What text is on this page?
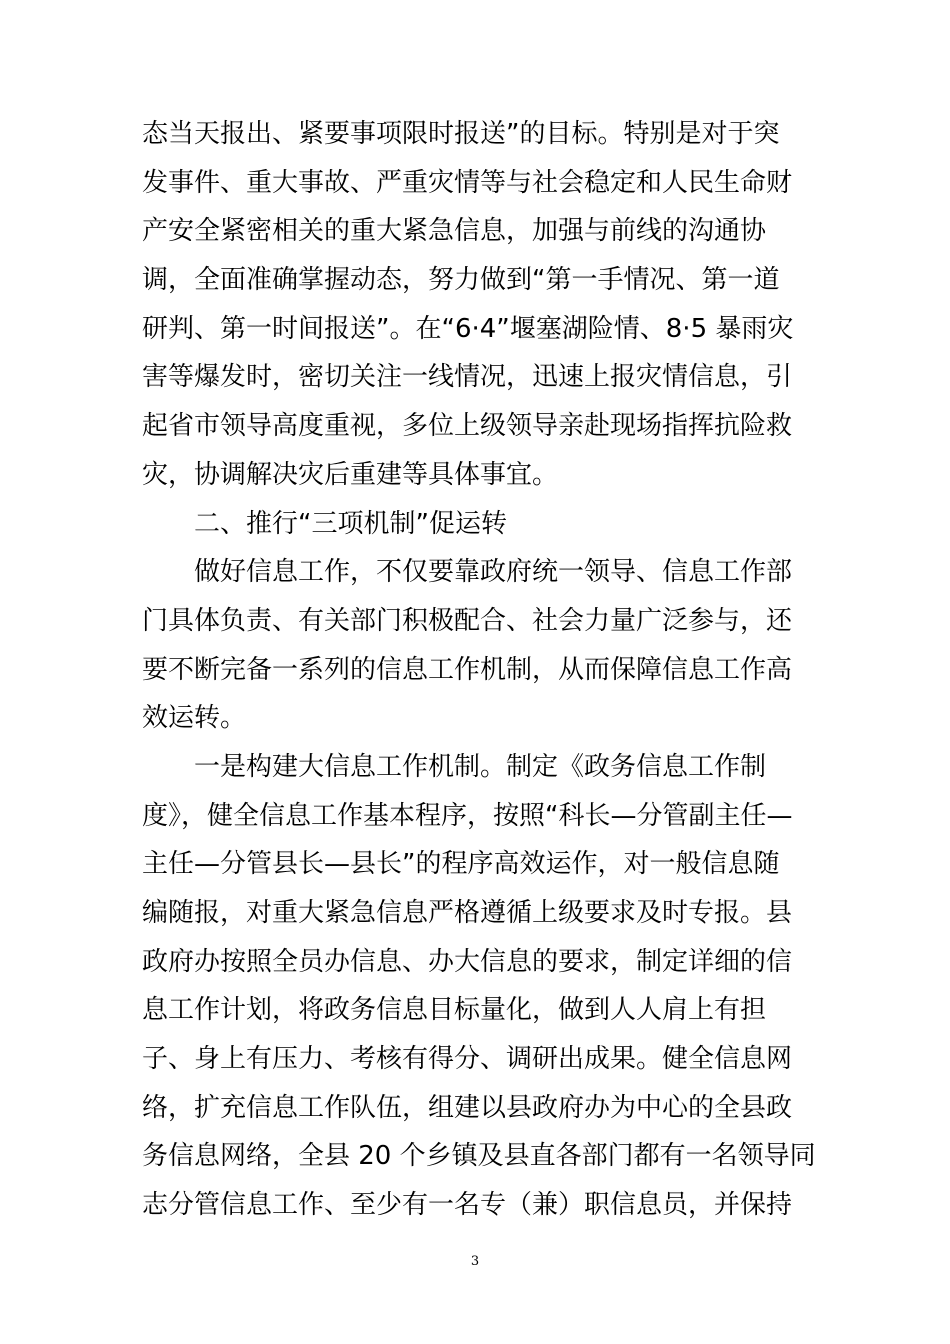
态当天报出、紧要事项限时报送”的目标。特别是对于突
发事件、重大事故、严重灾情等与社会稳定和人民生命财
产安全紧密相关的重大紧急信息，加强与前线的沟通协
调，全面准确掌握动态，努力做到“第一手情况、第一道
研判、第一时间报送”。在“6·4”堰塞湖险情、8·5 暴雨灾
害等爆发时，密切关注一线情况，迅速上报灾情信息，引
起省市领导高度重视，多位上级领导亲赴现场指挥抗险救
灾，协调解决灾后重建等具体事宜。
二、推行“三项机制”促运转
做好信息工作，不仅要靠政府统一领导、信息工作部
门具体负责、有关部门积极配合、社会力量广泛参与，还
要不断完备一系列的信息工作机制，从而保障信息工作高
效运转。
一是构建大信息工作机制。制定《政务信息工作制
度》，健全信息工作基本程序，按照“科长—分管副主任—
主任—分管县长—县长”的程序高效运作，对一般信息随
编随报，对重大紧急信息严格遵循上级要求及时专报。县
政府办按照全员办信息、办大信息的要求，制定详细的信
息工作计划，将政务信息目标量化，做到人人肩上有担
子、身上有压力、考核有得分、调研出成果。健全信息网
络，扩充信息工作队伍，组建以县政府办为中心的全县政
务信息网络，全县 20 个乡镇及县直各部门都有一名领导同
志分管信息工作、至少有一名专（兼）职信息员，并保持
3
